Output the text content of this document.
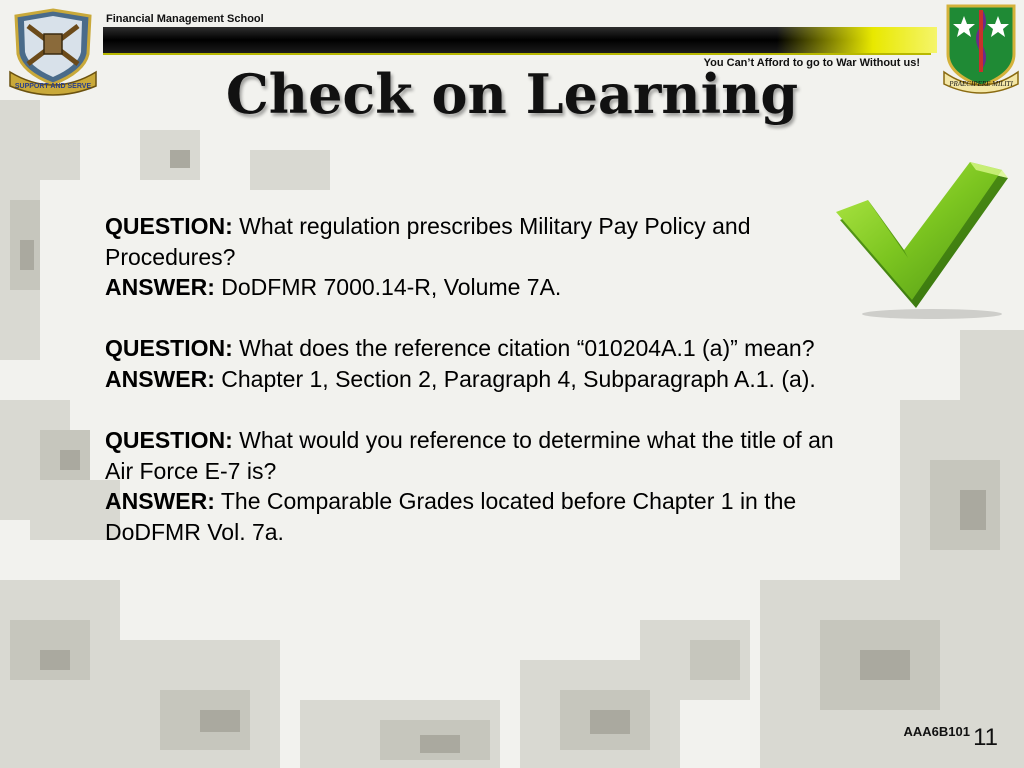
Financial Management School
You Can’t Afford to go to War Without us!
SUPPORT AND SERVE	PRAECIPERE MILITI
Check on Learning
QUESTION: What regulation prescribes Military Pay Policy and Procedures?
ANSWER: DoDFMR 7000.14-R, Volume 7A.
QUESTION: What does the reference citation “010204A.1 (a)” mean?
ANSWER: Chapter 1, Section 2, Paragraph 4, Subparagraph A.1. (a).
QUESTION: What would you reference to determine what the title of an Air Force E-7 is?
ANSWER: The Comparable Grades located before Chapter 1 in the DoDFMR Vol. 7a.
AAA6B101 11
